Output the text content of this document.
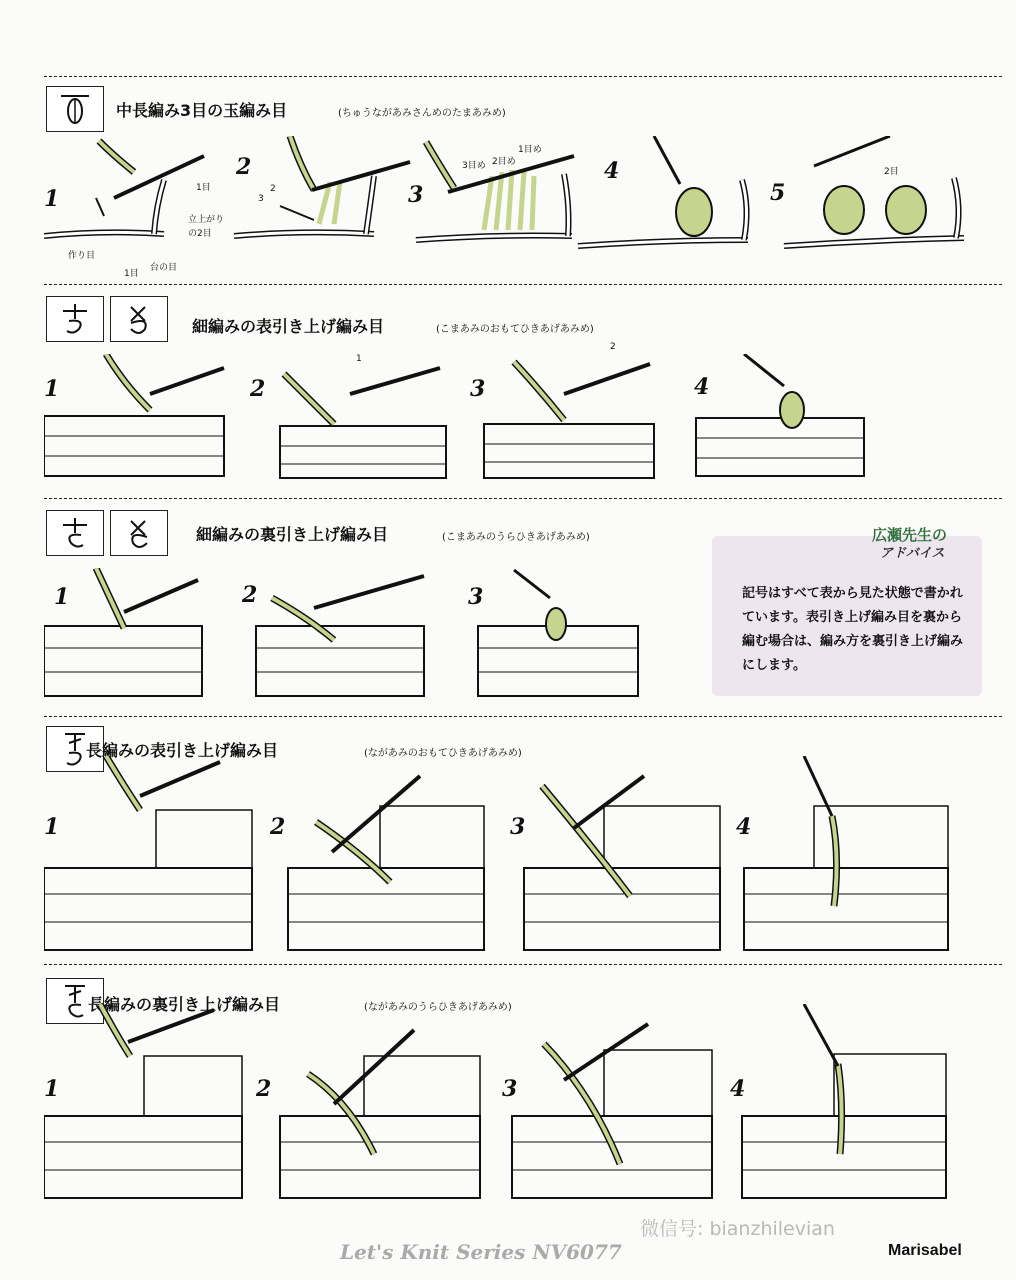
中長編み3目の玉編み目	(ちゅうながあみさんめのたまあみめ)
1
2
3
4
5
1目
立上がり
の2目
作り目
1目
台の目
2
3
3目め 2目め
1目め
2目
細編みの表引き上げ編み目	(こまあみのおもてひきあげあみめ)
1	2	3	4
1
2
細編みの裏引き上げ編み目	(こまあみのうらひきあげあみめ)
1	2	3
広瀬先生の
アドバイス
記号はすべて表から見た状態で書かれています。表引き上げ編み目を裏から編む場合は、編み方を裏引き上げ編みにします。
長編みの表引き上げ編み目	(ながあみのおもてひきあげあみめ)
1	2	3	4
長編みの裏引き上げ編み目	(ながあみのうらひきあげあみめ)
1	2	3	4
微信号: bianzhilevian
Let's Knit Series NV6077	Marisabel
